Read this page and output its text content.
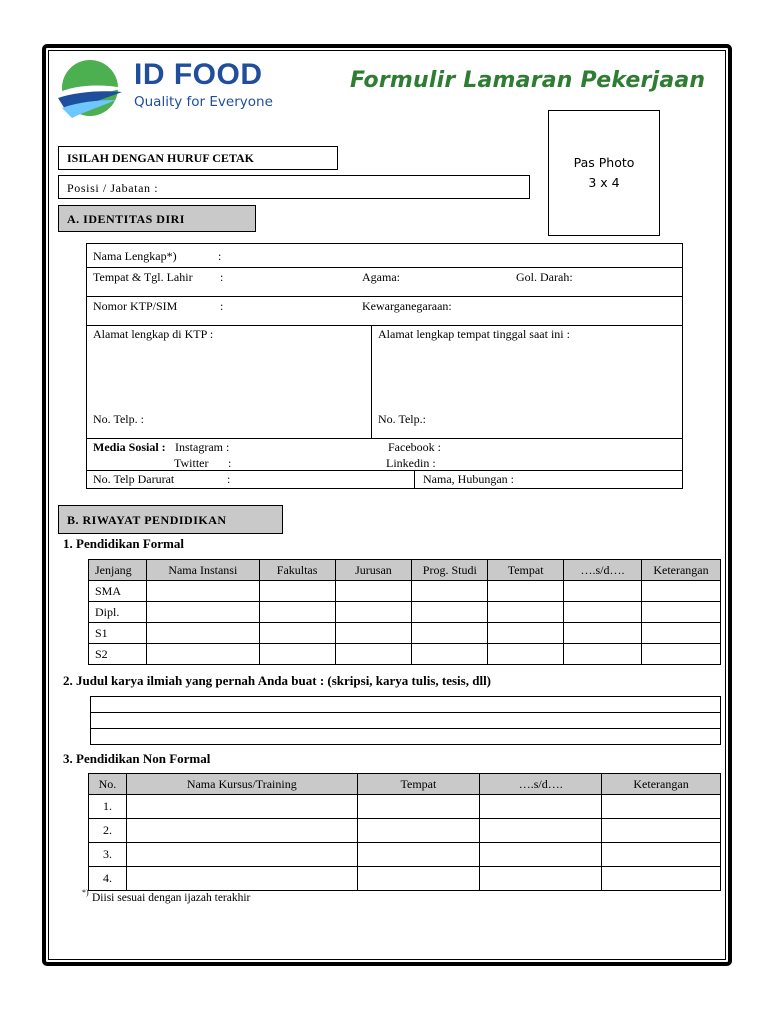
ID FOOD
Quality for Everyone
Formulir Lamaran Pekerjaan
Pas Photo
3 x 4
ISILAH DENGAN HURUF CETAK
Posisi / Jabatan :
A. IDENTITAS DIRI
Nama Lengkap*)	:
Tempat & Tgl. Lahir :	Agama:	Gol. Darah:
Nomor KTP/SIM	:	Kewarganegaraan:
Alamat lengkap di KTP :	Alamat lengkap tempat tinggal saat ini :
No. Telp. :	No. Telp.:
Media Sosial : Instagram :	Facebook :
Twitter :	Linkedin :
No. Telp Darurat	:	Nama, Hubungan :
B. RIWAYAT PENDIDIKAN
1. Pendidikan Formal
Jenjang	Nama Instansi	Fakultas	Jurusan	Prog. Studi	Tempat	….s/d….	Keterangan
SMA							
Dipl.							
S1							
S2							
2. Judul karya ilmiah yang pernah Anda buat : (skripsi, karya tulis, tesis, dll)

3. Pendidikan Non Formal
No.	Nama Kursus/Training	Tempat	….s/d….	Keterangan
1.				
2.				
3.				
4.				
*) Diisi sesuai dengan ijazah terakhir
